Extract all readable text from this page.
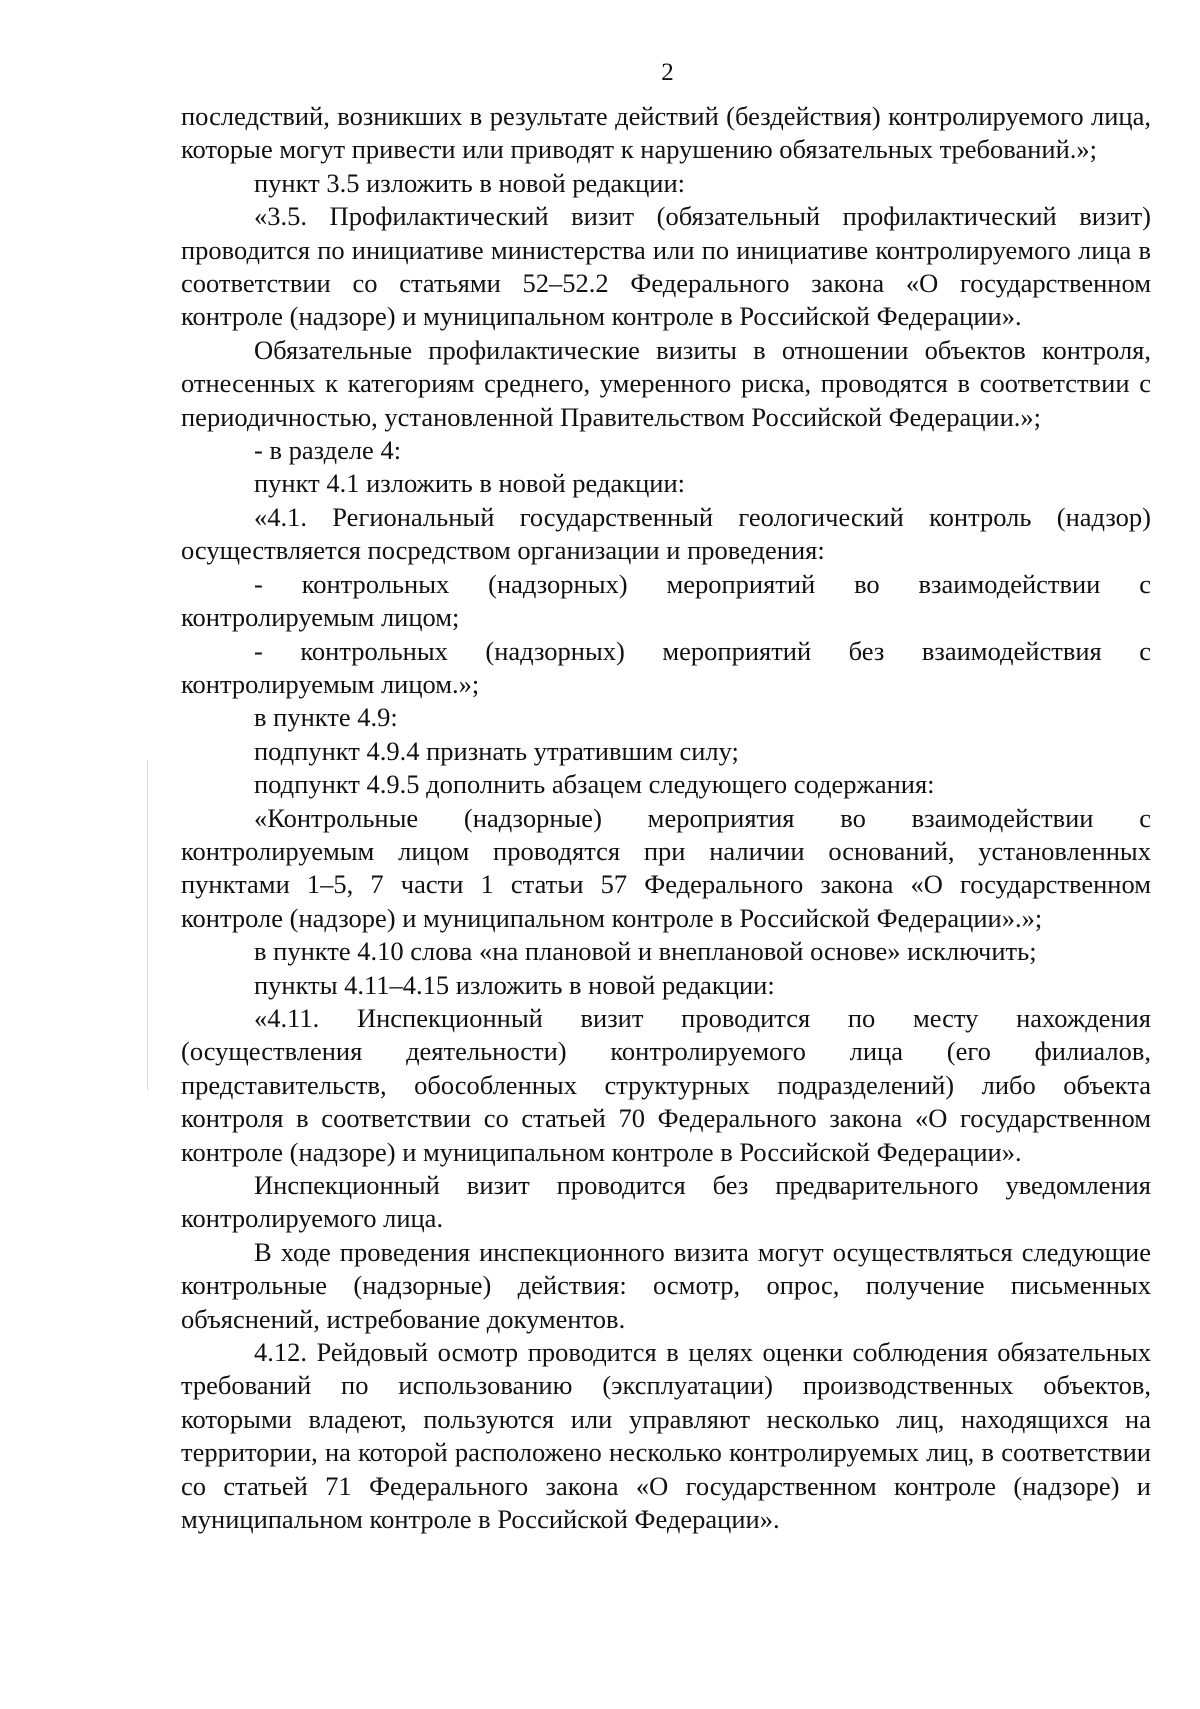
2

последствий, возникших в результате действий (бездействия) контролируемого лица, которые могут привести или приводят к нарушению обязательных требований.»;

пункт 3.5 изложить в новой редакции:

«3.5. Профилактический визит (обязательный профилактический визит) проводится по инициативе министерства или по инициативе контролируемого лица в соответствии со статьями 52–52.2 Федерального закона «О государственном контроле (надзоре) и муниципальном контроле в Российской Федерации».

Обязательные профилактические визиты в отношении объектов контроля, отнесенных к категориям среднего, умеренного риска, проводятся в соответствии с периодичностью, установленной Правительством Российской Федерации.»;

- в разделе 4:

пункт 4.1 изложить в новой редакции:

«4.1. Региональный государственный геологический контроль (надзор) осуществляется посредством организации и проведения:

- контрольных (надзорных) мероприятий во взаимодействии с контролируемым лицом;

- контрольных (надзорных) мероприятий без взаимодействия с контролируемым лицом.»;

в пункте 4.9:

подпункт 4.9.4 признать утратившим силу;

подпункт 4.9.5 дополнить абзацем следующего содержания:

«Контрольные (надзорные) мероприятия во взаимодействии с контролируемым лицом проводятся при наличии оснований, установленных пунктами 1–5, 7 части 1 статьи 57 Федерального закона «О государственном контроле (надзоре) и муниципальном контроле в Российской Федерации».»;

в пункте 4.10 слова «на плановой и внеплановой основе» исключить;

пункты 4.11–4.15 изложить в новой редакции:

«4.11. Инспекционный визит проводится по месту нахождения (осуществления деятельности) контролируемого лица (его филиалов, представительств, обособленных структурных подразделений) либо объекта контроля в соответствии со статьей 70 Федерального закона «О государственном контроле (надзоре) и муниципальном контроле в Российской Федерации».

Инспекционный визит проводится без предварительного уведомления контролируемого лица.

В ходе проведения инспекционного визита могут осуществляться следующие контрольные (надзорные) действия: осмотр, опрос, получение письменных объяснений, истребование документов.

4.12. Рейдовый осмотр проводится в целях оценки соблюдения обязательных требований по использованию (эксплуатации) производственных объектов, которыми владеют, пользуются или управляют несколько лиц, находящихся на территории, на которой расположено несколько контролируемых лиц, в соответствии со статьей 71 Федерального закона «О государственном контроле (надзоре) и муниципальном контроле в Российской Федерации».
